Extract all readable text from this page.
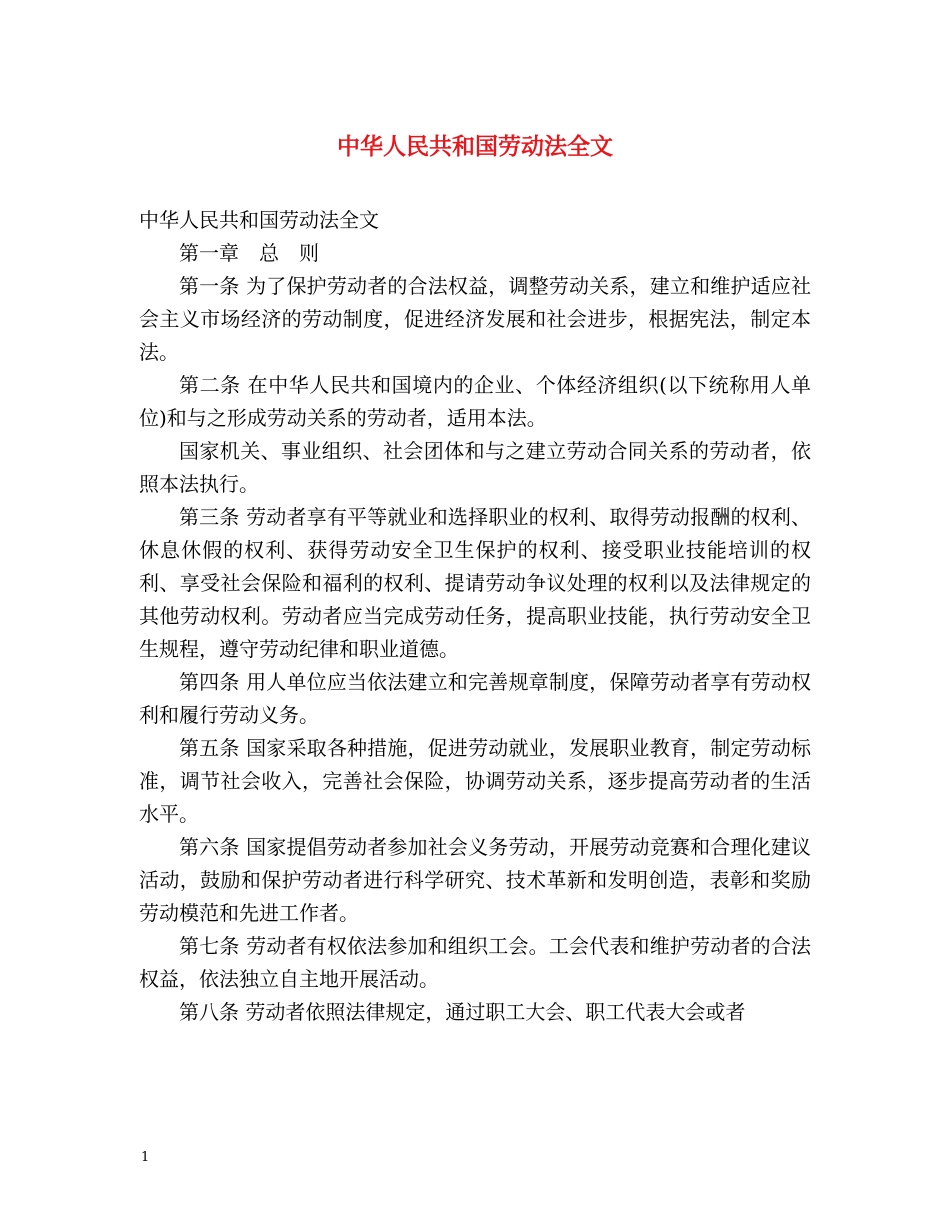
中华人民共和国劳动法全文

中华人民共和国劳动法全文

第一章　总　则

第一条 为了保护劳动者的合法权益，调整劳动关系，建立和维护适应社会主义市场经济的劳动制度，促进经济发展和社会进步，根据宪法，制定本法。

第二条 在中华人民共和国境内的企业、个体经济组织(以下统称用人单位)和与之形成劳动关系的劳动者，适用本法。

国家机关、事业组织、社会团体和与之建立劳动合同关系的劳动者，依照本法执行。

第三条 劳动者享有平等就业和选择职业的权利、取得劳动报酬的权利、休息休假的权利、获得劳动安全卫生保护的权利、接受职业技能培训的权利、享受社会保险和福利的权利、提请劳动争议处理的权利以及法律规定的其他劳动权利。劳动者应当完成劳动任务，提高职业技能，执行劳动安全卫生规程，遵守劳动纪律和职业道德。

第四条 用人单位应当依法建立和完善规章制度，保障劳动者享有劳动权利和履行劳动义务。

第五条 国家采取各种措施，促进劳动就业，发展职业教育，制定劳动标准，调节社会收入，完善社会保险，协调劳动关系，逐步提高劳动者的生活水平。

第六条 国家提倡劳动者参加社会义务劳动，开展劳动竞赛和合理化建议活动，鼓励和保护劳动者进行科学研究、技术革新和发明创造，表彰和奖励劳动模范和先进工作者。

第七条 劳动者有权依法参加和组织工会。工会代表和维护劳动者的合法权益，依法独立自主地开展活动。

第八条 劳动者依照法律规定，通过职工大会、职工代表大会或者

1
